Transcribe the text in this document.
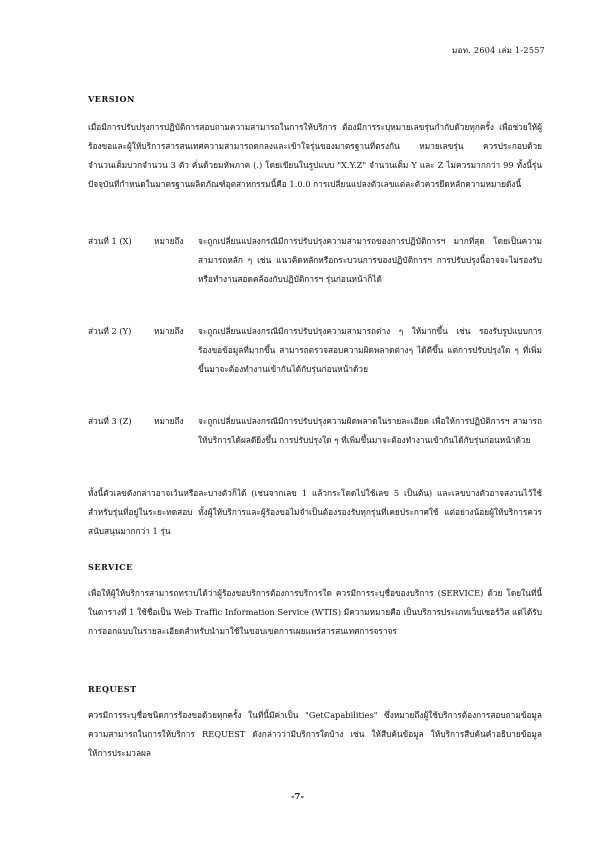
มอท. 2604 เล่ม 1-2557
VERSION
เมื่อมีการปรับปรุงการปฏิบัติการสอบถามความสามารถในการให้บริการ ต้องมีการระบุหมายเลขรุ่นกำกับด้วยทุกครั้ง เพื่อช่วยให้ผู้ร้องขอและผู้ให้บริการสารสนเทศความสามารถตกลงและเข้าใจรุ่นของมาตรฐานที่ตรงกัน หมายเลขรุ่น ควรประกอบด้วยจำนวนเต็มบวกจำนวน 3 ตัว คั่นด้วยมหัพภาค (.) โดยเขียนในรูปแบบ "X.Y.Z" จำนวนเต็ม Y และ Z ไม่ควรมากกว่า 99 ทั้งนี้รุ่นปัจจุบันที่กำหนดในมาตรฐานผลิตภัณฑ์อุตสาหกรรมนี้คือ 1.0.0 การเปลี่ยนแปลงตัวเลขแต่ละตัวควรยึดหลักความหมายดังนี้
ส่วนที่ 1 (X)	หมายถึง	จะถูกเปลี่ยนแปลงกรณีมีการปรับปรุงความสามารถของการปฏิบัติการฯ มากที่สุด โดยเป็นความสามารถหลัก ๆ เช่น แนวคิดหลักหรือกระบวนการของปฏิบัติการฯ การปรับปรุงนี้อาจจะไม่รองรับหรือทำงานสอดคล้องกับปฏิบัติการฯ รุ่นก่อนหน้าก็ได้
ส่วนที่ 2 (Y)	หมายถึง	จะถูกเปลี่ยนแปลงกรณีมีการปรับปรุงความสามารถต่าง ๆ ให้มากขึ้น เช่น รองรับรูปแบบการร้องขอข้อมูลที่มากขึ้น สามารถตรวจสอบความผิดพลาดต่างๆ ได้ดีขึ้น แต่การปรับปรุงใด ๆ ที่เพิ่มขึ้นมาจะต้องทำงานเข้ากันได้กับรุ่นก่อนหน้าด้วย
ส่วนที่ 3 (Z)	หมายถึง	จะถูกเปลี่ยนแปลงกรณีมีการปรับปรุงความผิดพลาดในรายละเอียด เพื่อให้การปฏิบัติการฯ สามารถให้บริการได้ผลดียิ่งขึ้น การปรับปรุงใด ๆ ที่เพิ่มขึ้นมาจะต้องทำงานเข้ากันได้กับรุ่นก่อนหน้าด้วย
ทั้งนี้ตัวเลขดังกล่าวอาจเว้นหรือละบางตัวก็ได้ (เช่นจากเลข 1 แล้วกระโดดไปใช้เลข 5 เป็นต้น) และเลขบางตัวอาจสงวนไว้ใช้สำหรับรุ่นที่อยู่ในระยะทดสอบ ทั้งผู้ให้บริการและผู้ร้องขอไม่จำเป็นต้องรองรับทุกรุ่นที่เคยประกาศใช้ แต่อย่างน้อยผู้ให้บริการควรสนับสนุนมากกว่า 1 รุ่น
SERVICE
เพื่อให้ผู้ให้บริการสามารถทราบได้ว่าผู้ร้องขอบริการต้องการบริการใด ควรมีการระบุชื่อของบริการ (SERVICE) ด้วย โดยในที่นี้ในตารางที่ 1 ใช้ชื่อเป็น Web Traffic Information Service (WTIS) มีความหมายคือ เป็นบริการประเภทเว็บเซอร์วิส แต่ได้รับการออกแบบในรายละเอียดสำหรับนำมาใช้ในขอบเขตการเผยแพร่สารสนเทศการจราจร
REQUEST
ควรมีการระบุชื่อชนิดการร้องขอด้วยทุกครั้ง ในที่นี้มีค่าเป็น "GetCapabilities" ซึ่งหมายถึงผู้ใช้บริการต้องการสอบถามข้อมูลความสามารถในการให้บริการ REQUEST ดังกล่าวว่ามีบริการใดบ้าง เช่น ให้สืบค้นข้อมูล ให้บริการสืบค้นคำอธิบายข้อมูล ให้การประมวลผล
-7-
